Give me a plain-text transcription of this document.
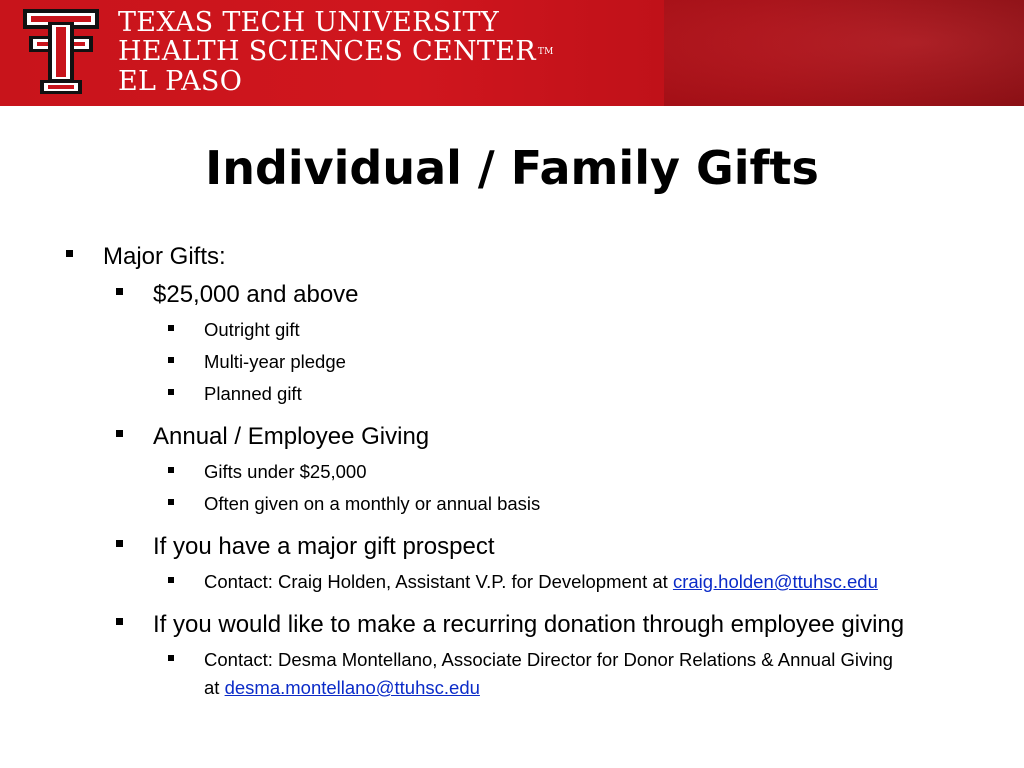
TEXAS TECH UNIVERSITY
HEALTH SCIENCES CENTER TM
EL PASO
Individual / Family Gifts
Major Gifts:
$25,000 and above
Outright gift
Multi-year pledge
Planned gift
Annual / Employee Giving
Gifts under $25,000
Often given on a monthly or annual basis
If you have a major gift prospect
Contact: Craig Holden, Assistant V.P. for Development at craig.holden@ttuhsc.edu
If you would like to make a recurring donation through employee giving
Contact: Desma Montellano, Associate Director for Donor Relations & Annual Giving
at desma.montellano@ttuhsc.edu
